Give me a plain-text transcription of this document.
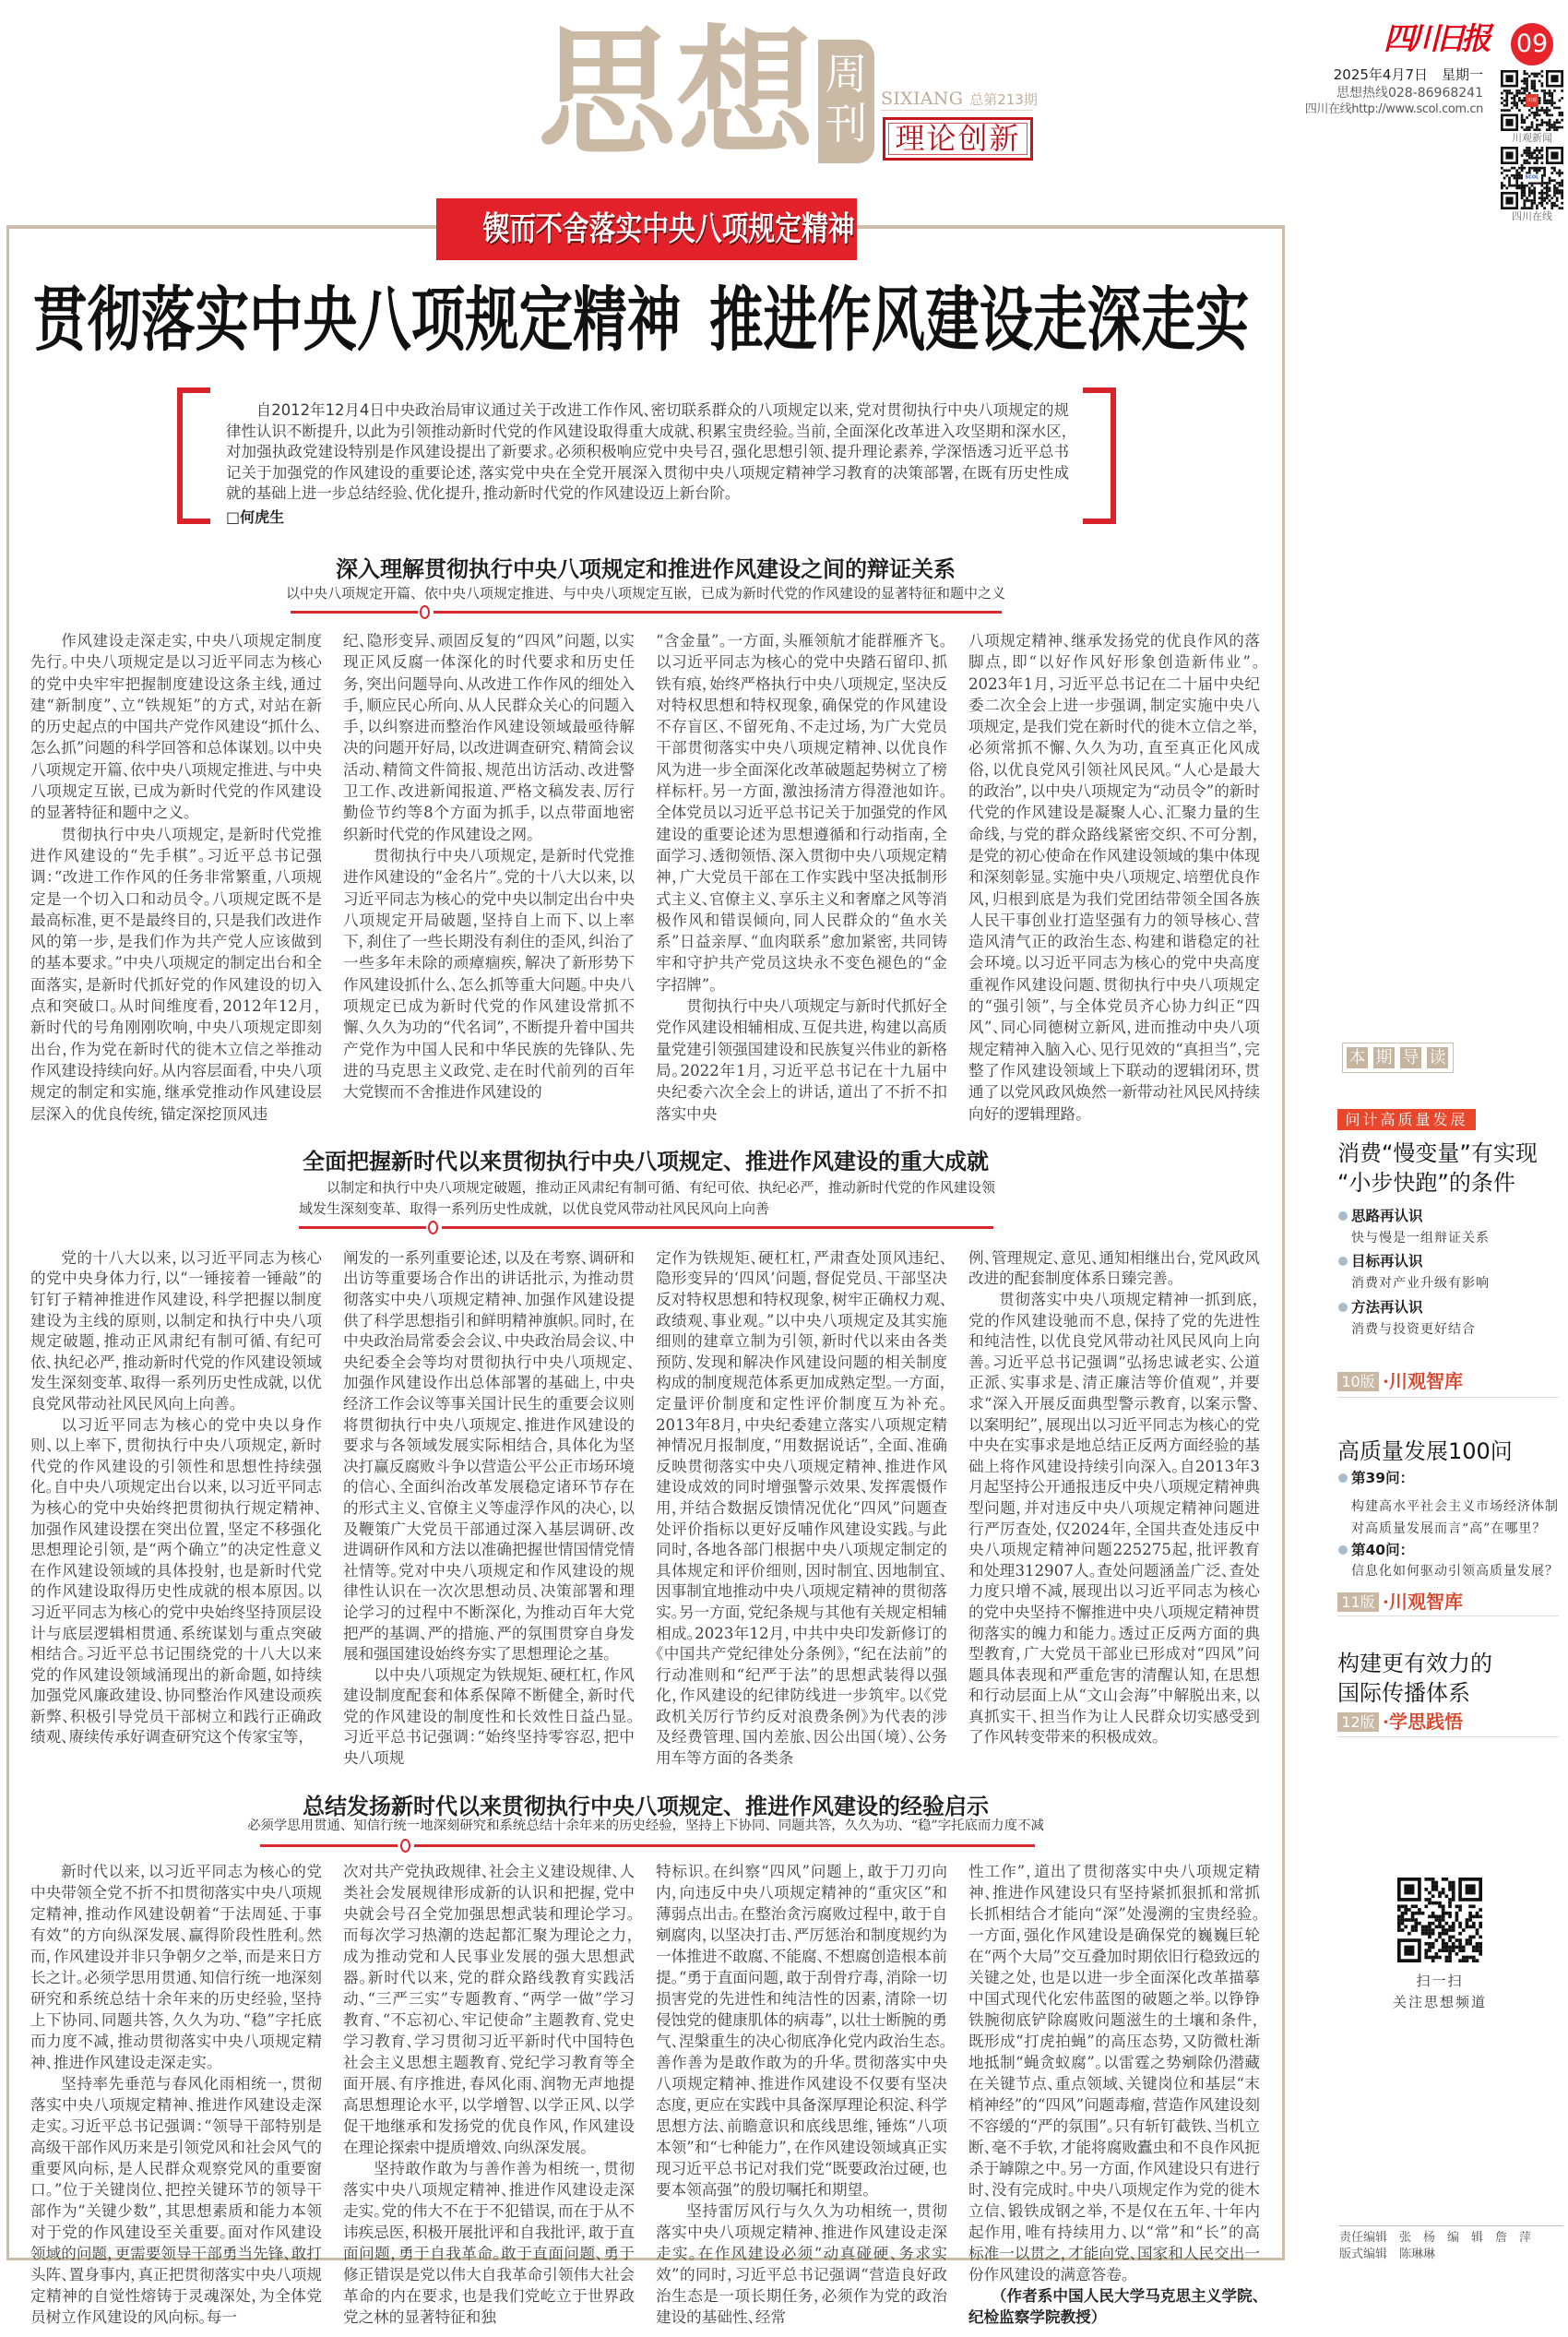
思想 周
刊 SIXIANG 总第213期
理论创新
四川日报 09
2025年4月7日　星期一
思想热线028-86968241
四川在线http://www.scol.com.cn
川观
川观新闻
SCOL
四川在线
锲而不舍落实中央八项规定精神
贯彻落实中央八项规定精神 推进作风建设走深走实
自2012年12月4日中央政治局审议通过关于改进工作作风、密切联系群众的八项规定以来，党对贯彻执行中央八项规定的规律性认识不断提升，以此为引领推动新时代党的作风建设取得重大成就、积累宝贵经验。当前，全面深化改革进入攻坚期和深水区，对加强执政党建设特别是作风建设提出了新要求。必须积极响应党中央号召，强化思想引领、提升理论素养，学深悟透习近平总书记关于加强党的作风建设的重要论述，落实党中央在全党开展深入贯彻中央八项规定精神学习教育的决策部署，在既有历史性成就的基础上进一步总结经验、优化提升，推动新时代党的作风建设迈上新台阶。
□何虎生
深入理解贯彻执行中央八项规定和推进作风建设之间的辩证关系
以中央八项规定开篇、依中央八项规定推进、与中央八项规定互嵌，已成为新时代党的作风建设的显著特征和题中之义

作风建设走深走实，中央八项规定制度先行。中央八项规定是以习近平同志为核心的党中央牢牢把握制度建设这条主线，通过建“新制度”、立“铁规矩”的方式，对站在新的历史起点的中国共产党作风建设“抓什么、怎么抓”问题的科学回答和总体谋划。以中央八项规定开篇、依中央八项规定推进、与中央八项规定互嵌，已成为新时代党的作风建设的显著特征和题中之义。

贯彻执行中央八项规定，是新时代党推进作风建设的“先手棋”。习近平总书记强调：“改进工作作风的任务非常繁重，八项规定是一个切入口和动员令。八项规定既不是最高标准，更不是最终目的，只是我们改进作风的第一步，是我们作为共产党人应该做到的基本要求。”中央八项规定的制定出台和全面落实，是新时代抓好党的作风建设的切入点和突破口。从时间维度看，2012年12月，新时代的号角刚刚吹响，中央八项规定即刻出台，作为党在新时代的徙木立信之举推动作风建设持续向好。从内容层面看，中央八项规定的制定和实施，继承党推动作风建设层层深入的优良传统，锚定深挖顶风违

纪、隐形变异、顽固反复的“四风”问题，以实现正风反腐一体深化的时代要求和历史任务，突出问题导向、从改进工作作风的细处入手，顺应民心所向、从人民群众关心的问题入手，以纠察进而整治作风建设领域最亟待解决的问题开好局，以改进调查研究、精简会议活动、精简文件简报、规范出访活动、改进警卫工作、改进新闻报道、严格文稿发表、厉行勤俭节约等8个方面为抓手，以点带面地密织新时代党的作风建设之网。

贯彻执行中央八项规定，是新时代党推进作风建设的“金名片”。党的十八大以来，以习近平同志为核心的党中央以制定出台中央八项规定开局破题，坚持自上而下、以上率下，刹住了一些长期没有刹住的歪风，纠治了一些多年未除的顽瘴痼疾，解决了新形势下作风建设抓什么、怎么抓等重大问题。中央八项规定已成为新时代党的作风建设常抓不懈、久久为功的“代名词”，不断提升着中国共产党作为中国人民和中华民族的先锋队、先进的马克思主义政党、走在时代前列的百年大党锲而不舍推进作风建设的

“含金量”。一方面，头雁领航才能群雁齐飞。以习近平同志为核心的党中央踏石留印、抓铁有痕，始终严格执行中央八项规定，坚决反对特权思想和特权现象，确保党的作风建设不存盲区、不留死角、不走过场，为广大党员干部贯彻落实中央八项规定精神、以优良作风为进一步全面深化改革破题起势树立了榜样标杆。另一方面，激浊扬清方得澄池如许。全体党员以习近平总书记关于加强党的作风建设的重要论述为思想遵循和行动指南，全面学习、透彻领悟、深入贯彻中央八项规定精神，广大党员干部在工作实践中坚决抵制形式主义、官僚主义、享乐主义和奢靡之风等消极作风和错误倾向，同人民群众的“鱼水关系”日益亲厚、“血肉联系”愈加紧密，共同铸牢和守护共产党员这块永不变色褪色的“金字招牌”。

贯彻执行中央八项规定与新时代抓好全党作风建设相辅相成、互促共进，构建以高质量党建引领强国建设和民族复兴伟业的新格局。2022年1月，习近平总书记在十九届中央纪委六次全会上的讲话，道出了不折不扣落实中央

八项规定精神、继承发扬党的优良作风的落脚点，即“以好作风好形象创造新伟业”。2023年1月，习近平总书记在二十届中央纪委二次全会上进一步强调，制定实施中央八项规定，是我们党在新时代的徙木立信之举，必须常抓不懈、久久为功，直至真正化风成俗，以优良党风引领社风民风。“人心是最大的政治”，以中央八项规定为“动员令”的新时代党的作风建设是凝聚人心、汇聚力量的生命线，与党的群众路线紧密交织、不可分割，是党的初心使命在作风建设领域的集中体现和深刻彰显。实施中央八项规定、培塑优良作风，归根到底是为我们党团结带领全国各族人民干事创业打造坚强有力的领导核心、营造风清气正的政治生态、构建和谐稳定的社会环境。以习近平同志为核心的党中央高度重视作风建设问题、贯彻执行中央八项规定的“强引领”，与全体党员齐心协力纠正“四风”、同心同德树立新风，进而推动中央八项规定精神入脑入心、见行见效的“真担当”，完整了作风建设领域上下联动的逻辑闭环，贯通了以党风政风焕然一新带动社风民风持续向好的逻辑理路。

全面把握新时代以来贯彻执行中央八项规定、推进作风建设的重大成就
以制定和执行中央八项规定破题，推动正风肃纪有制可循、有纪可依、执纪必严，推动新时代党的作风建设领域发生深刻变革、取得一系列历史性成就，以优良党风带动社风民风向上向善

党的十八大以来，以习近平同志为核心的党中央身体力行，以“一锤接着一锤敲”的钉钉子精神推进作风建设，科学把握以制度建设为主线的原则，以制定和执行中央八项规定破题，推动正风肃纪有制可循、有纪可依、执纪必严，推动新时代党的作风建设领域发生深刻变革、取得一系列历史性成就，以优良党风带动社风民风向上向善。

以习近平同志为核心的党中央以身作则、以上率下，贯彻执行中央八项规定，新时代党的作风建设的引领性和思想性持续强化。自中央八项规定出台以来，以习近平同志为核心的党中央始终把贯彻执行规定精神、加强作风建设摆在突出位置，坚定不移强化思想理论引领，是“两个确立”的决定性意义在作风建设领域的具体投射，也是新时代党的作风建设取得历史性成就的根本原因。以习近平同志为核心的党中央始终坚持顶层设计与底层逻辑相贯通、系统谋划与重点突破相结合。习近平总书记围绕党的十八大以来党的作风建设领域涌现出的新命题，如持续加强党风廉政建设、协同整治作风建设顽疾新弊、积极引导党员干部树立和践行正确政绩观、赓续传承好调查研究这个传家宝等，

阐发的一系列重要论述，以及在考察、调研和出访等重要场合作出的讲话批示，为推动贯彻落实中央八项规定精神、加强作风建设提供了科学思想指引和鲜明精神旗帜。同时，在中央政治局常委会会议、中央政治局会议、中央纪委全会等均对贯彻执行中央八项规定、加强作风建设作出总体部署的基础上，中央经济工作会议等事关国计民生的重要会议则将贯彻执行中央八项规定、推进作风建设的要求与各领域发展实际相结合，具体化为坚决打赢反腐败斗争以营造公平公正市场环境的信心、全面纠治改革发展稳定诸环节存在的形式主义、官僚主义等虚浮作风的决心，以及鞭策广大党员干部通过深入基层调研、改进调研作风和方法以准确把握世情国情党情社情等。党对中央八项规定和作风建设的规律性认识在一次次思想动员、决策部署和理论学习的过程中不断深化，为推动百年大党把严的基调、严的措施、严的氛围贯穿自身发展和强国建设始终夯实了思想理论之基。

以中央八项规定为铁规矩、硬杠杠，作风建设制度配套和体系保障不断健全，新时代党的作风建设的制度性和长效性日益凸显。习近平总书记强调：“始终坚持零容忍，把中央八项规

定作为铁规矩、硬杠杠，严肃查处顶风违纪、隐形变异的‘四风’问题，督促党员、干部坚决反对特权思想和特权现象，树牢正确权力观、政绩观、事业观。”以中央八项规定及其实施细则的建章立制为引领，新时代以来由各类预防、发现和解决作风建设问题的相关制度构成的制度规范体系更加成熟定型。一方面，定量评价制度和定性评价制度互为补充。2013年8月，中央纪委建立落实八项规定精神情况月报制度，“用数据说话”，全面、准确反映贯彻落实中央八项规定精神、推进作风建设成效的同时增强警示效果、发挥震慑作用，并结合数据反馈情况优化“四风”问题查处评价指标以更好反哺作风建设实践。与此同时，各地各部门根据中央八项规定制定的具体规定和评价细则，因时制宜、因地制宜、因事制宜地推动中央八项规定精神的贯彻落实。另一方面，党纪条规与其他有关规定相辅相成。2023年12月，中共中央印发新修订的《中国共产党纪律处分条例》，“纪在法前”的行动准则和“纪严于法”的思想武装得以强化，作风建设的纪律防线进一步筑牢。以《党政机关厉行节约反对浪费条例》为代表的涉及经费管理、国内差旅、因公出国（境）、公务用车等方面的各类条

例、管理规定、意见、通知相继出台，党风政风改进的配套制度体系日臻完善。

贯彻落实中央八项规定精神一抓到底，党的作风建设驰而不息，保持了党的先进性和纯洁性，以优良党风带动社风民风向上向善。习近平总书记强调“弘扬忠诚老实、公道正派、实事求是、清正廉洁等价值观”，并要求“深入开展反面典型警示教育，以案示警、以案明纪”，展现出以习近平同志为核心的党中央在实事求是地总结正反两方面经验的基础上将作风建设持续引向深入。自2013年3月起坚持公开通报违反中央八项规定精神典型问题，并对违反中央八项规定精神问题进行严厉查处，仅2024年，全国共查处违反中央八项规定精神问题225275起，批评教育和处理312907人。查处问题涵盖广泛、查处力度只增不减，展现出以习近平同志为核心的党中央坚持不懈推进中央八项规定精神贯彻落实的魄力和能力。透过正反两方面的典型教育，广大党员干部业已形成对“四风”问题具体表现和严重危害的清醒认知，在思想和行动层面上从“文山会海”中解脱出来，以真抓实干、担当作为让人民群众切实感受到了作风转变带来的积极成效。

总结发扬新时代以来贯彻执行中央八项规定、推进作风建设的经验启示
必须学思用贯通、知信行统一地深刻研究和系统总结十余年来的历史经验，坚持上下协同、同题共答，久久为功、“稳”字托底而力度不减

新时代以来，以习近平同志为核心的党中央带领全党不折不扣贯彻落实中央八项规定精神，推动作风建设朝着“于法周延、于事有效”的方向纵深发展、赢得阶段性胜利。然而，作风建设并非只争朝夕之举，而是来日方长之计。必须学思用贯通、知信行统一地深刻研究和系统总结十余年来的历史经验，坚持上下协同、同题共答，久久为功、“稳”字托底而力度不减，推动贯彻落实中央八项规定精神、推进作风建设走深走实。

坚持率先垂范与春风化雨相统一，贯彻落实中央八项规定精神、推进作风建设走深走实。习近平总书记强调：“领导干部特别是高级干部作风历来是引领党风和社会风气的重要风向标，是人民群众观察党风的重要窗口。”位于关键岗位、把控关键环节的领导干部作为“关键少数”，其思想素质和能力本领对于党的作风建设至关重要。面对作风建设领域的问题，更需要领导干部勇当先锋、敢打头阵、置身事内，真正把贯彻落实中央八项规定精神的自觉性熔铸于灵魂深处，为全体党员树立作风建设的风向标。每一

次对共产党执政规律、社会主义建设规律、人类社会发展规律形成新的认识和把握，党中央就会号召全党加强思想武装和理论学习。而每次学习热潮的迭起都汇聚为理论之力，成为推动党和人民事业发展的强大思想武器。新时代以来，党的群众路线教育实践活动、“三严三实”专题教育、“两学一做”学习教育、“不忘初心、牢记使命”主题教育、党史学习教育、学习贯彻习近平新时代中国特色社会主义思想主题教育、党纪学习教育等全面开展、有序推进，春风化雨、润物无声地提高思想理论水平，以学增智、以学正风、以学促干地继承和发扬党的优良作风，作风建设在理论探索中提质增效、向纵深发展。

坚持敢作敢为与善作善为相统一，贯彻落实中央八项规定精神、推进作风建设走深走实。党的伟大不在于不犯错误，而在于从不讳疾忌医，积极开展批评和自我批评，敢于直面问题，勇于自我革命。敢于直面问题、勇于修正错误是党以伟大自我革命引领伟大社会革命的内在要求，也是我们党屹立于世界政党之林的显著特征和独

特标识。在纠察“四风”问题上，敢于刀刃向内，向违反中央八项规定精神的“重灾区”和薄弱点出击。在整治贪污腐败过程中，敢于自剜腐肉，以坚决打击、严厉惩治和制度规约为一体推进不敢腐、不能腐、不想腐创造根本前提。“勇于直面问题，敢于刮骨疗毒，消除一切损害党的先进性和纯洁性的因素，清除一切侵蚀党的健康肌体的病毒”，以壮士断腕的勇气、涅槃重生的决心彻底净化党内政治生态。善作善为是敢作敢为的升华。贯彻落实中央八项规定精神、推进作风建设不仅要有坚决态度，更应在实践中具备深厚理论积淀、科学思想方法、前瞻意识和底线思维，锤炼“八项本领”和“七种能力”，在作风建设领域真正实现习近平总书记对我们党“既要政治过硬，也要本领高强”的殷切嘱托和期望。

坚持雷厉风行与久久为功相统一，贯彻落实中央八项规定精神、推进作风建设走深走实。在作风建设必须“动真碰硬、务求实效”的同时，习近平总书记强调“营造良好政治生态是一项长期任务，必须作为党的政治建设的基础性、经常

性工作”，道出了贯彻落实中央八项规定精神、推进作风建设只有坚持紧抓狠抓和常抓长抓相结合才能向“深”处漫溯的宝贵经验。一方面，强化作风建设是确保党的巍巍巨轮在“两个大局”交互叠加时期依旧行稳致远的关键之处，也是以进一步全面深化改革描摹中国式现代化宏伟蓝图的破题之举。以铮铮铁腕彻底铲除腐败问题滋生的土壤和条件，既形成“打虎拍蝇”的高压态势，又防微杜渐地抵制“蝇贪蚁腐”。以雷霆之势剜除仍潜藏在关键节点、重点领域、关键岗位和基层“末梢神经”的“四风”问题毒瘤，营造作风建设刻不容缓的“严的氛围”。只有斩钉截铁、当机立断、毫不手软，才能将腐败蠹虫和不良作风扼杀于罅隙之中。另一方面，作风建设只有进行时、没有完成时。中央八项规定作为党的徙木立信、锻铁成钢之举，不是仅在五年、十年内起作用，唯有持续用力、以“常”和“长”的高标准一以贯之，才能向党、国家和人民交出一份作风建设的满意答卷。

（作者系中国人民大学马克思主义学院、纪检监察学院教授）

本 期 导 读
问计高质量发展
消费“慢变量”有实现
“小步快跑”的条件
思路再认识
快与慢是一组辩证关系
目标再认识
消费对产业升级有影响
方法再认识
消费与投资更好结合
10版 ·川观智库
高质量发展100问
第39问：
构建高水平社会主义市场经济体制
对高质量发展而言“高”在哪里？
第40问：
信息化如何驱动引领高质量发展？
11版 ·川观智库
构建更有效力的
国际传播体系
12版 ·学思践悟
扫一扫
关注思想频道
责任编辑　张　杨　编　辑　詹　萍
版式编辑　陈琳琳
